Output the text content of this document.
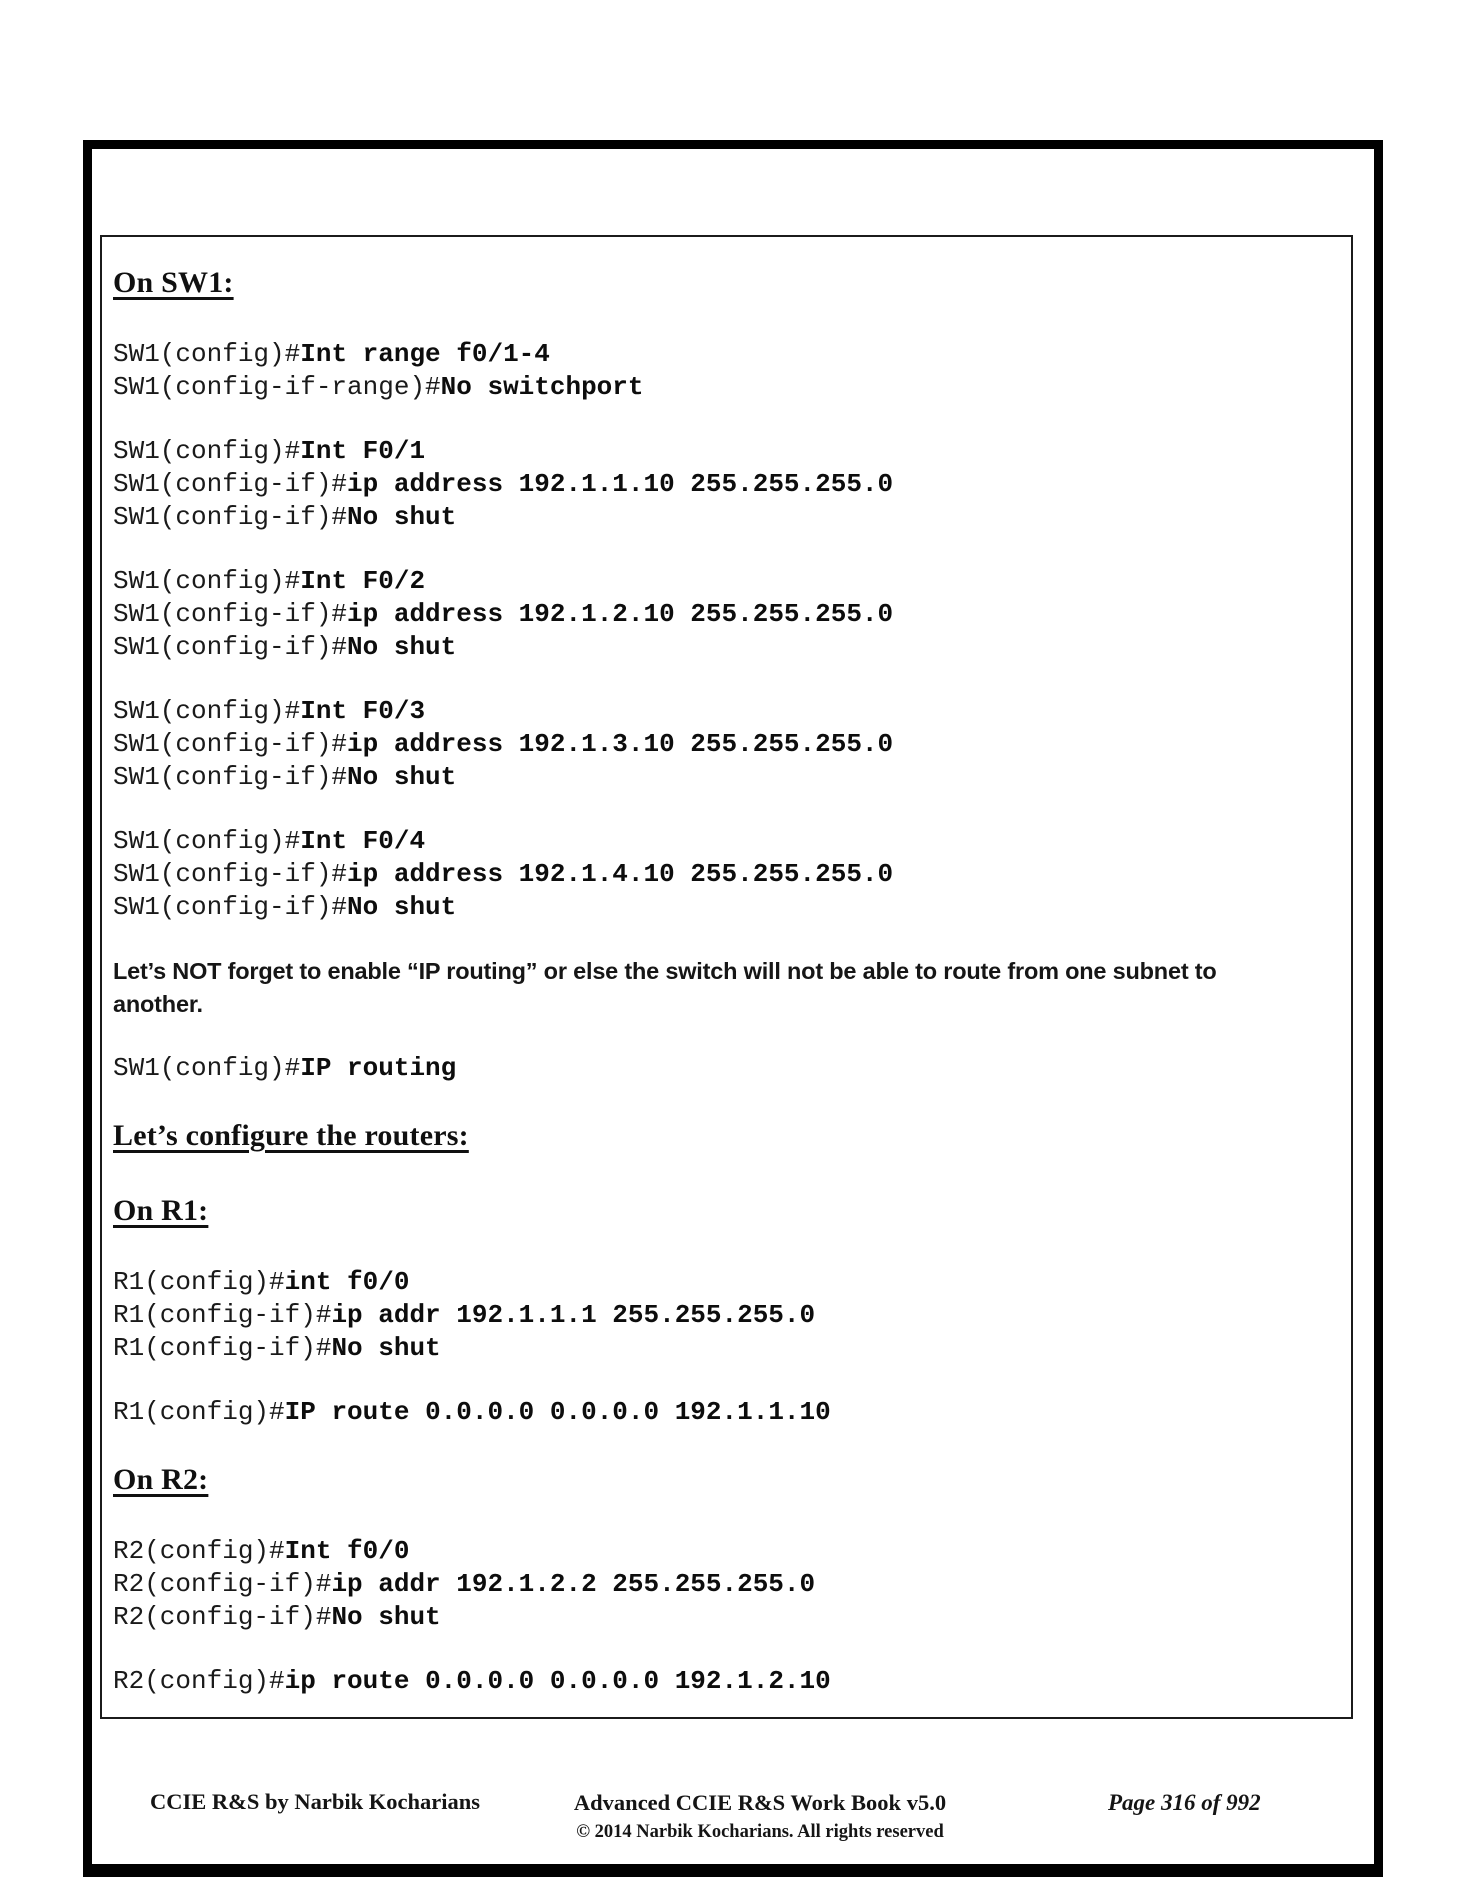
On SW1:
SW1(config)#Int range f0/1-4
SW1(config-if-range)#No switchport
SW1(config)#Int F0/1
SW1(config-if)#ip address 192.1.1.10 255.255.255.0
SW1(config-if)#No shut
SW1(config)#Int F0/2
SW1(config-if)#ip address 192.1.2.10 255.255.255.0
SW1(config-if)#No shut
SW1(config)#Int F0/3
SW1(config-if)#ip address 192.1.3.10 255.255.255.0
SW1(config-if)#No shut
SW1(config)#Int F0/4
SW1(config-if)#ip address 192.1.4.10 255.255.255.0
SW1(config-if)#No shut
Let’s NOT forget to enable “IP routing” or else the switch will not be able to route from one subnet to
another.
SW1(config)#IP routing
Let’s configure the routers:
On R1:
R1(config)#int f0/0
R1(config-if)#ip addr 192.1.1.1 255.255.255.0
R1(config-if)#No shut
R1(config)#IP route 0.0.0.0 0.0.0.0 192.1.1.10
On R2:
R2(config)#Int f0/0
R2(config-if)#ip addr 192.1.2.2 255.255.255.0
R2(config-if)#No shut
R2(config)#ip route 0.0.0.0 0.0.0.0 192.1.2.10
CCIE R&S by Narbik Kocharians	Advanced CCIE R&S Work Book v5.0
© 2014 Narbik Kocharians. All rights reserved
Page 316 of 992
